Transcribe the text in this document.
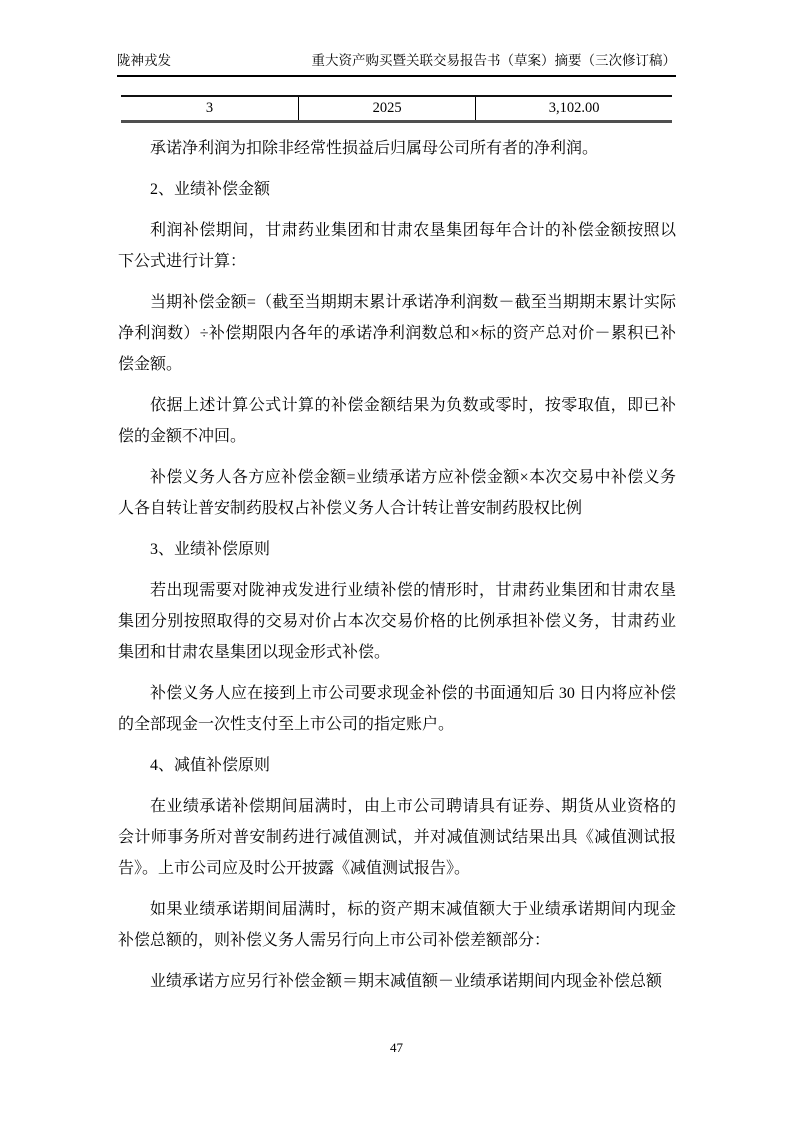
陇神戎发	重大资产购买暨关联交易报告书（草案）摘要（三次修订稿）
3	2025	3,102.00
承诺净利润为扣除非经常性损益后归属母公司所有者的净利润。
2、业绩补偿金额
利润补偿期间，甘肃药业集团和甘肃农垦集团每年合计的补偿金额按照以下公式进行计算：
当期补偿金额=（截至当期期末累计承诺净利润数－截至当期期末累计实际净利润数）÷补偿期限内各年的承诺净利润数总和×标的资产总对价－累积已补偿金额。
依据上述计算公式计算的补偿金额结果为负数或零时，按零取值，即已补偿的金额不冲回。
补偿义务人各方应补偿金额=业绩承诺方应补偿金额×本次交易中补偿义务人各自转让普安制药股权占补偿义务人合计转让普安制药股权比例
3、业绩补偿原则
若出现需要对陇神戎发进行业绩补偿的情形时，甘肃药业集团和甘肃农垦集团分别按照取得的交易对价占本次交易价格的比例承担补偿义务，甘肃药业集团和甘肃农垦集团以现金形式补偿。
补偿义务人应在接到上市公司要求现金补偿的书面通知后 30 日内将应补偿的全部现金一次性支付至上市公司的指定账户。
4、减值补偿原则
在业绩承诺补偿期间届满时，由上市公司聘请具有证券、期货从业资格的会计师事务所对普安制药进行减值测试，并对减值测试结果出具《减值测试报告》。上市公司应及时公开披露《减值测试报告》。
如果业绩承诺期间届满时，标的资产期末减值额大于业绩承诺期间内现金补偿总额的，则补偿义务人需另行向上市公司补偿差额部分：
业绩承诺方应另行补偿金额＝期末减值额－业绩承诺期间内现金补偿总额
47
